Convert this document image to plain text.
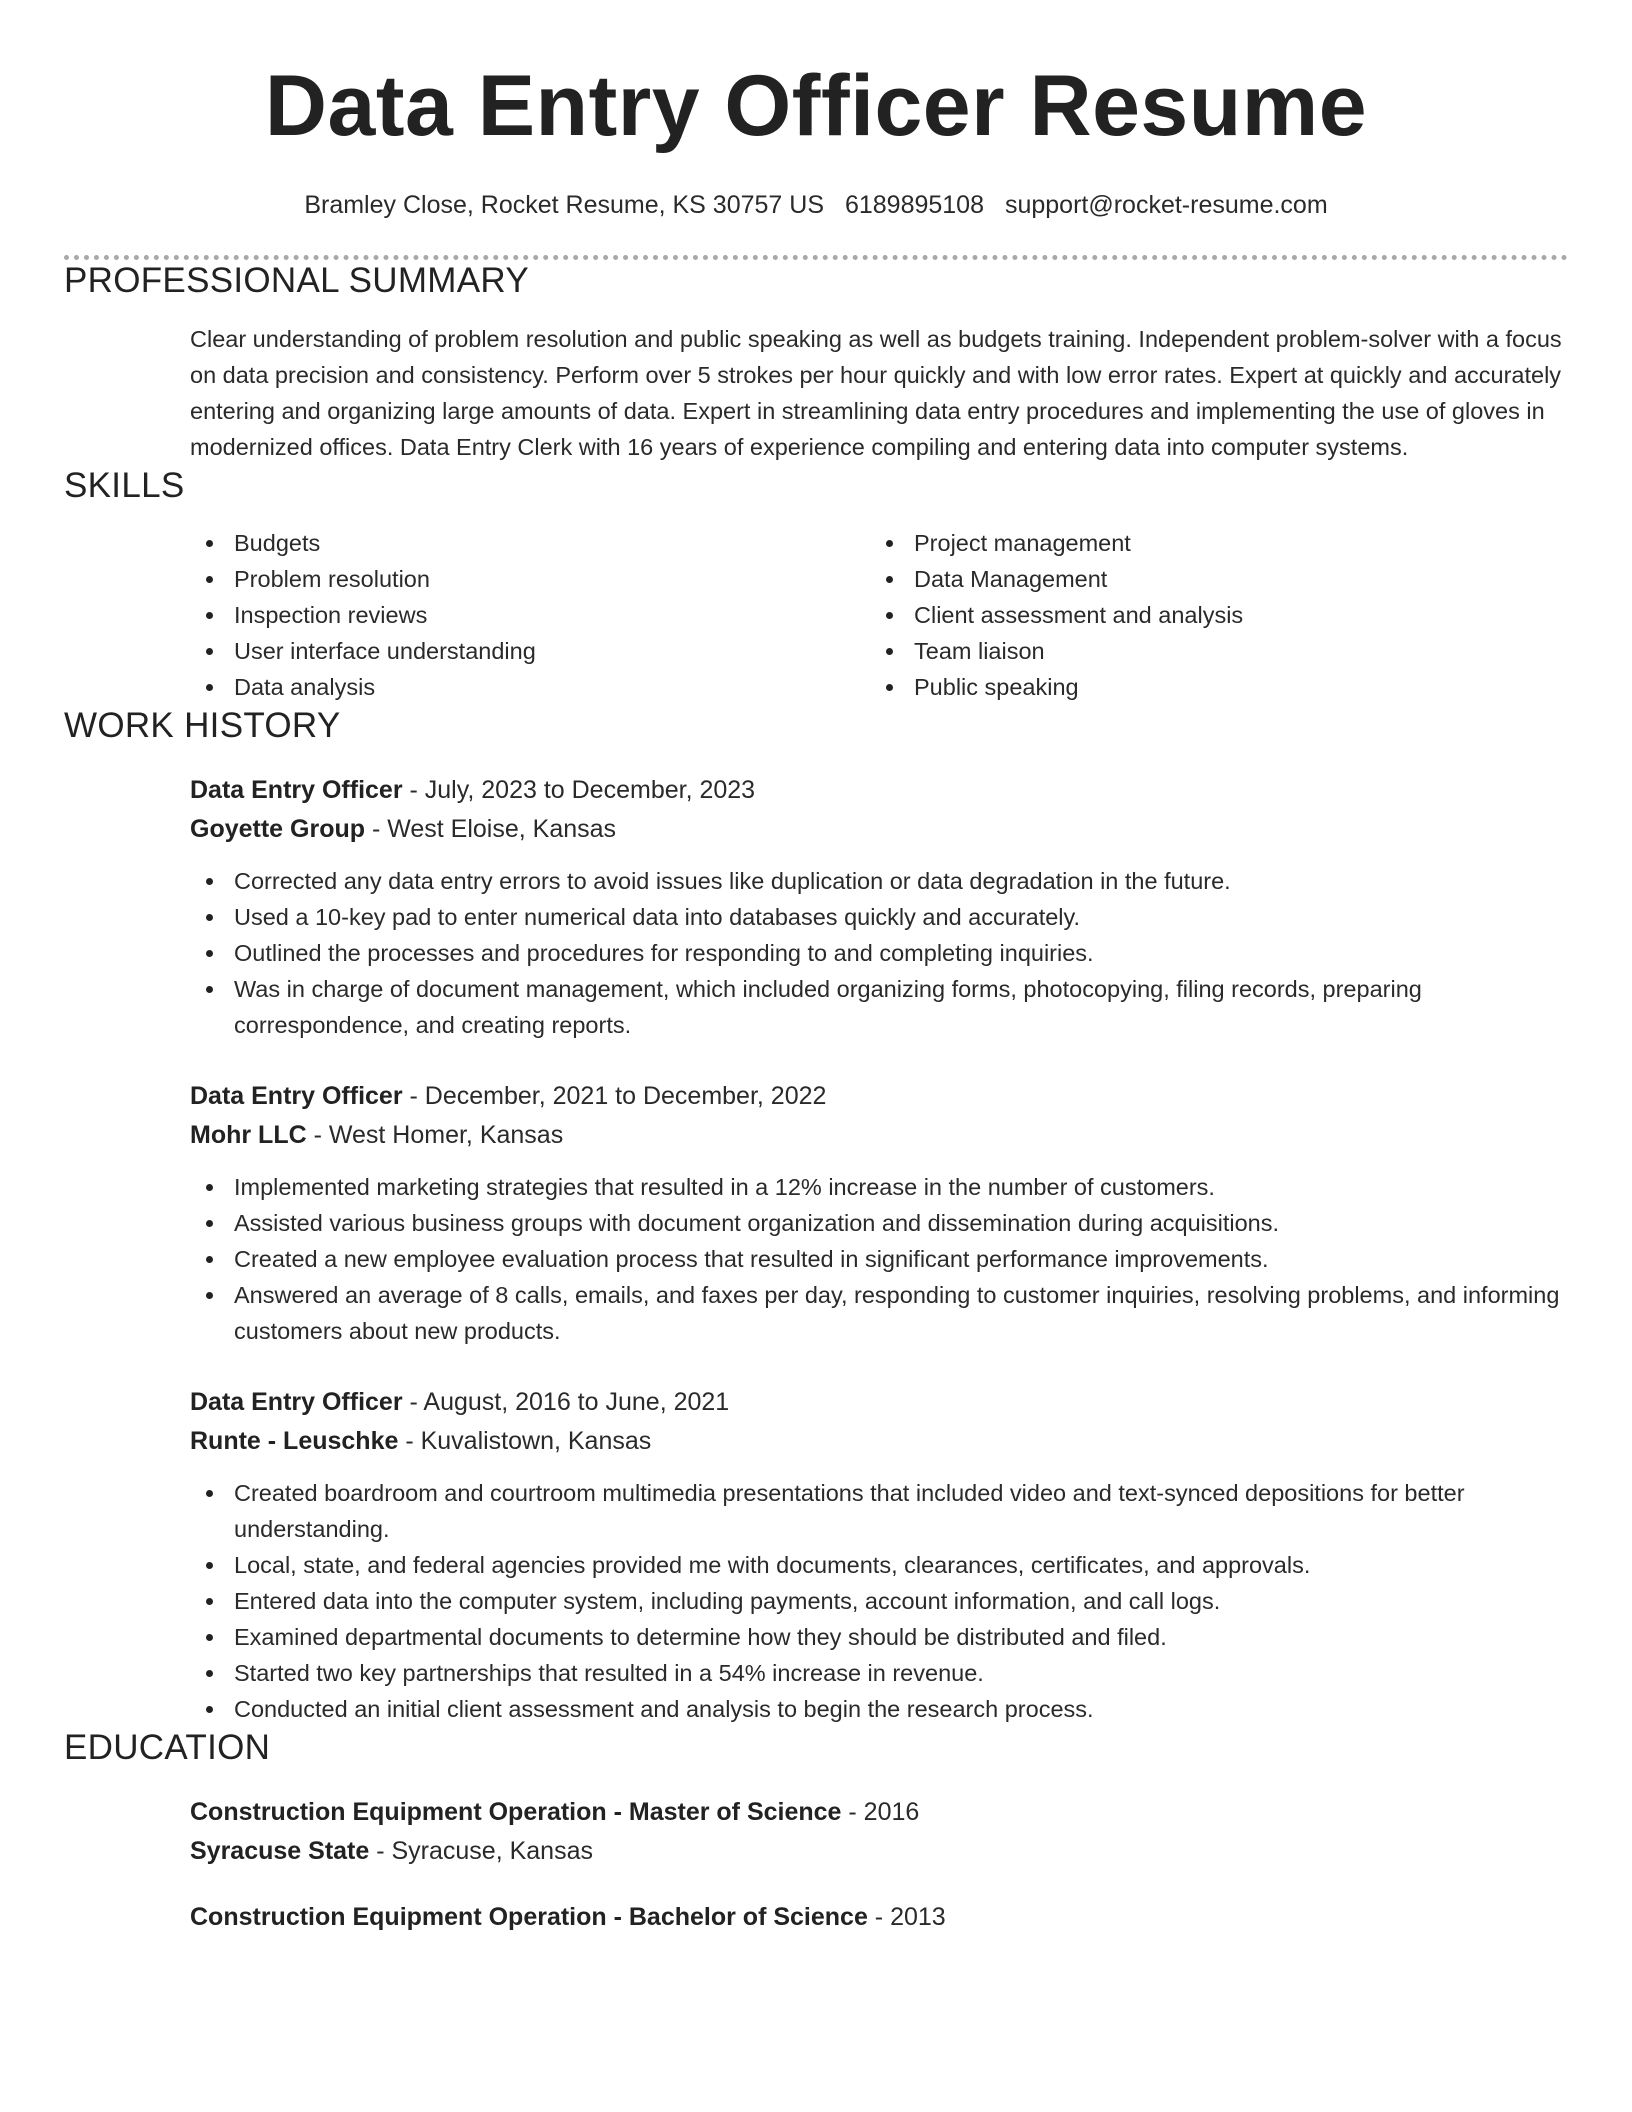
Data Entry Officer Resume
Bramley Close, Rocket Resume, KS 30757 US 6189895108 support@rocket-resume.com
PROFESSIONAL SUMMARY

Clear understanding of problem resolution and public speaking as well as budgets training. Independent problem-solver with a focus on data precision and consistency. Perform over 5 strokes per hour quickly and with low error rates. Expert at quickly and accurately entering and organizing large amounts of data. Expert in streamlining data entry procedures and implementing the use of gloves in modernized offices. Data Entry Clerk with 16 years of experience compiling and entering data into computer systems.

SKILLS
Budgets
Problem resolution
Inspection reviews
User interface understanding
Data analysis
Project management
Data Management
Client assessment and analysis
Team liaison
Public speaking
WORK HISTORY
Data Entry Officer - July, 2023 to December, 2023
Goyette Group - West Eloise, Kansas
Corrected any data entry errors to avoid issues like duplication or data degradation in the future.
Used a 10-key pad to enter numerical data into databases quickly and accurately.
Outlined the processes and procedures for responding to and completing inquiries.
Was in charge of document management, which included organizing forms, photocopying, filing records, preparing correspondence, and creating reports.
Data Entry Officer - December, 2021 to December, 2022
Mohr LLC - West Homer, Kansas
Implemented marketing strategies that resulted in a 12% increase in the number of customers.
Assisted various business groups with document organization and dissemination during acquisitions.
Created a new employee evaluation process that resulted in significant performance improvements.
Answered an average of 8 calls, emails, and faxes per day, responding to customer inquiries, resolving problems, and informing customers about new products.
Data Entry Officer - August, 2016 to June, 2021
Runte - Leuschke - Kuvalistown, Kansas
Created boardroom and courtroom multimedia presentations that included video and text-synced depositions for better understanding.
Local, state, and federal agencies provided me with documents, clearances, certificates, and approvals.
Entered data into the computer system, including payments, account information, and call logs.
Examined departmental documents to determine how they should be distributed and filed.
Started two key partnerships that resulted in a 54% increase in revenue.
Conducted an initial client assessment and analysis to begin the research process.
EDUCATION
Construction Equipment Operation - Master of Science - 2016
Syracuse State - Syracuse, Kansas
Construction Equipment Operation - Bachelor of Science - 2013
